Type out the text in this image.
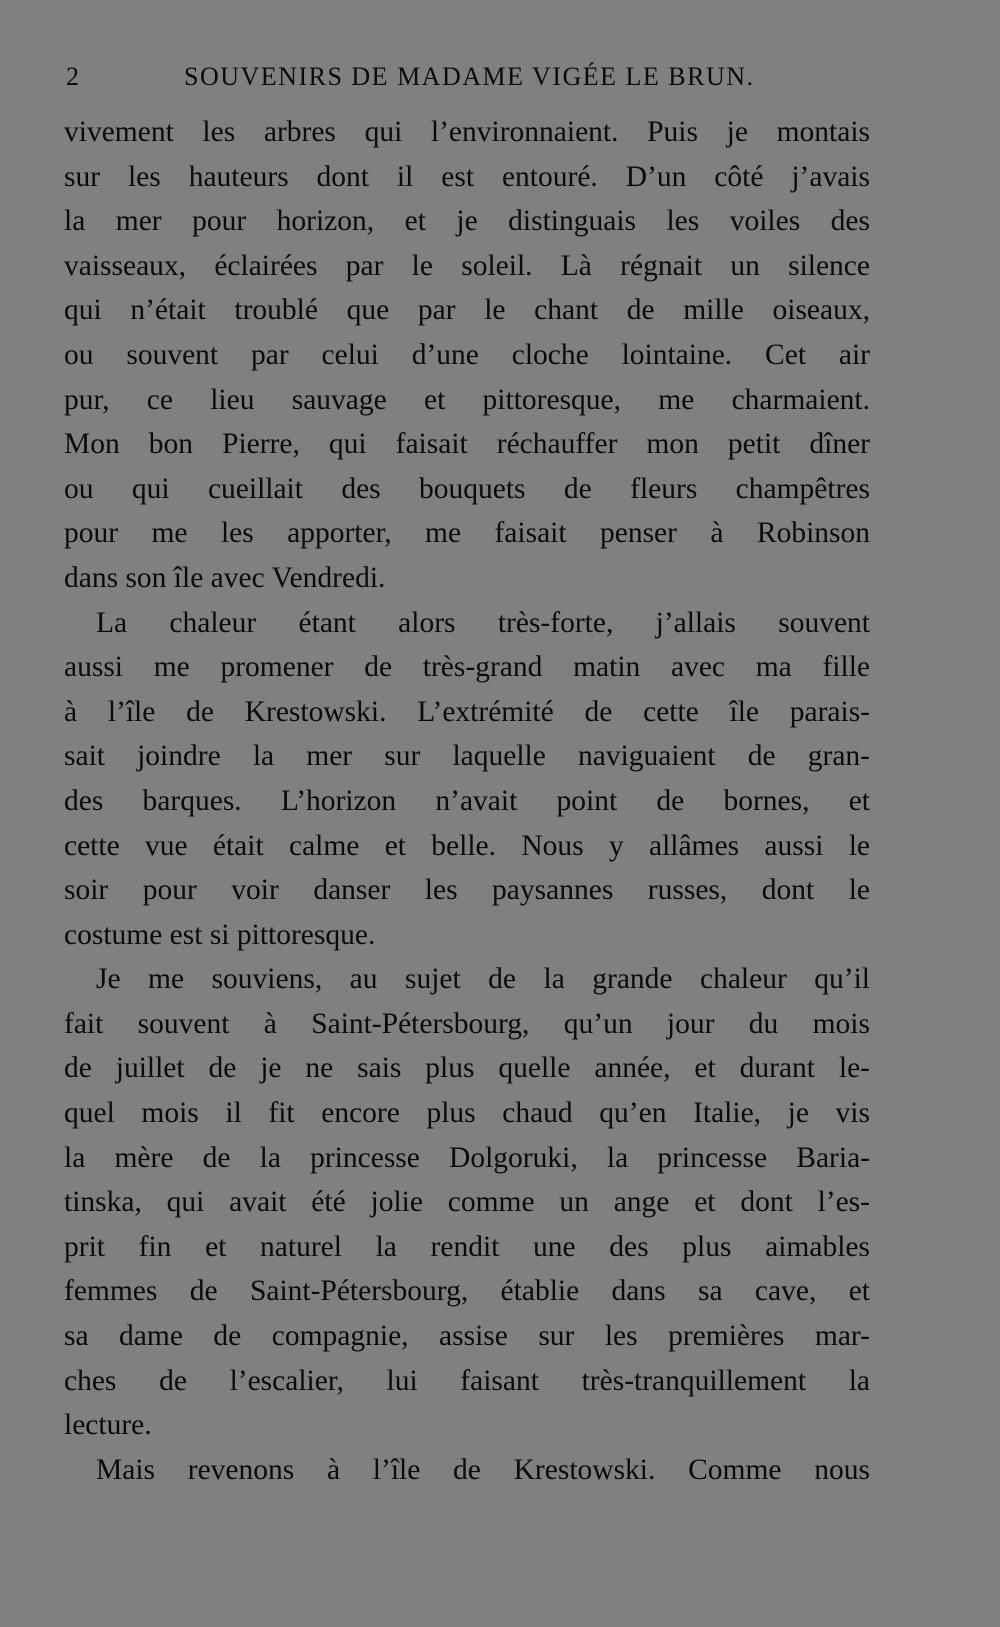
2	SOUVENIRS DE MADAME VIGÉE LE BRUN.
vivement les arbres qui l’environnaient. Puis je montais
sur les hauteurs dont il est entouré. D’un côté j’avais
la mer pour horizon, et je distinguais les voiles des
vaisseaux, éclairées par le soleil. Là régnait un silence
qui n’était troublé que par le chant de mille oiseaux,
ou souvent par celui d’une cloche lointaine. Cet air
pur, ce lieu sauvage et pittoresque, me charmaient.
Mon bon Pierre, qui faisait réchauffer mon petit dîner
ou qui cueillait des bouquets de fleurs champêtres
pour me les apporter, me faisait penser à Robinson
dans son île avec Vendredi.
La chaleur étant alors très-forte, j’allais souvent
aussi me promener de très-grand matin avec ma fille
à l’île de Krestowski. L’extrémité de cette île parais-
sait joindre la mer sur laquelle naviguaient de gran-
des barques. L’horizon n’avait point de bornes, et
cette vue était calme et belle. Nous y allâmes aussi le
soir pour voir danser les paysannes russes, dont le
costume est si pittoresque.
Je me souviens, au sujet de la grande chaleur qu’il
fait souvent à Saint-Pétersbourg, qu’un jour du mois
de juillet de je ne sais plus quelle année, et durant le-
quel mois il fit encore plus chaud qu’en Italie, je vis
la mère de la princesse Dolgoruki, la princesse Baria-
tinska, qui avait été jolie comme un ange et dont l’es-
prit fin et naturel la rendit une des plus aimables
femmes de Saint-Pétersbourg, établie dans sa cave, et
sa dame de compagnie, assise sur les premières mar-
ches de l’escalier, lui faisant très-tranquillement la
lecture.
Mais revenons à l’île de Krestowski. Comme nous
